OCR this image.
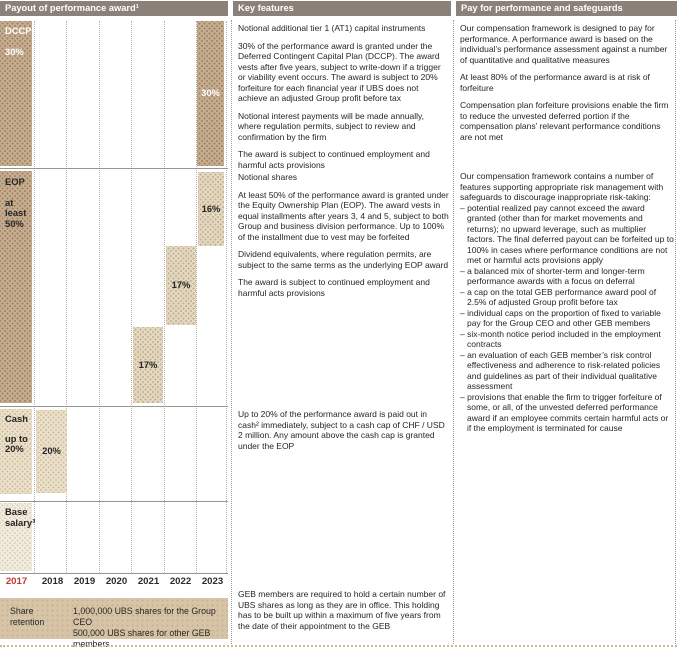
Payout of performance award¹	Key features	Pay for performance and safeguards
DCCP
30%
30%
EOP
at least 50%
16%
17%
17%
Cash
up to 20%	20%
Base salary³
2017	2018	2019	2020	2021	2022	2023
Share retention
1,000,000 UBS shares for the Group CEO
500,000 UBS shares for other GEB members
Notional additional tier 1 (AT1) capital instruments
30% of the performance award is granted under the Deferred Contingent Capital Plan (DCCP). The award vests after five years, subject to write-down if a trigger or viability event occurs. The award is subject to 20% forfeiture for each financial year if UBS does not achieve an adjusted Group profit before tax
Notional interest payments will be made annually, where regulation permits, subject to review and confirmation by the firm
The award is subject to continued employment and harmful acts provisions
Notional shares
At least 50% of the performance award is granted under the Equity Ownership Plan (EOP). The award vests in equal installments after years 3, 4 and 5, subject to both Group and business division performance. Up to 100% of the installment due to vest may be forfeited
Dividend equivalents, where regulation permits, are subject to the same terms as the underlying EOP award
The award is subject to continued employment and harmful acts provisions
Up to 20% of the performance award is paid out in cash² immediately, subject to a cash cap of CHF / USD 2 million. Any amount above the cash cap is granted under the EOP
GEB members are required to hold a certain number of UBS shares as long as they are in office. This holding has to be built up within a maximum of five years from the date of their appointment to the GEB
Our compensation framework is designed to pay for performance. A performance award is based on the individual’s performance assessment against a number of quantitative and qualitative measures
At least 80% of the performance award is at risk of forfeiture
Compensation plan forfeiture provisions enable the firm to reduce the unvested deferred portion if the compensation plans’ relevant performance conditions are not met
Our compensation framework contains a number of features supporting appropriate risk management with safeguards to discourage inappropriate risk-taking:
– potential realized pay cannot exceed the award granted (other than for market movements and returns); no upward leverage, such as multiplier factors. The final deferred payout can be forfeited up to 100% in cases where performance conditions are not met or harmful acts provisions apply
– a balanced mix of shorter-term and longer-term performance awards with a focus on deferral
– a cap on the total GEB performance award pool of 2.5% of adjusted Group profit before tax
– individual caps on the proportion of fixed to variable pay for the Group CEO and other GEB members
– six-month notice period included in the employment contracts
– an evaluation of each GEB member’s risk control effectiveness and adherence to risk-related policies and guidelines as part of their individual qualitative assessment
– provisions that enable the firm to trigger forfeiture of some, or all, of the unvested deferred performance award if an employee commits certain harmful acts or if the employment is terminated for cause
